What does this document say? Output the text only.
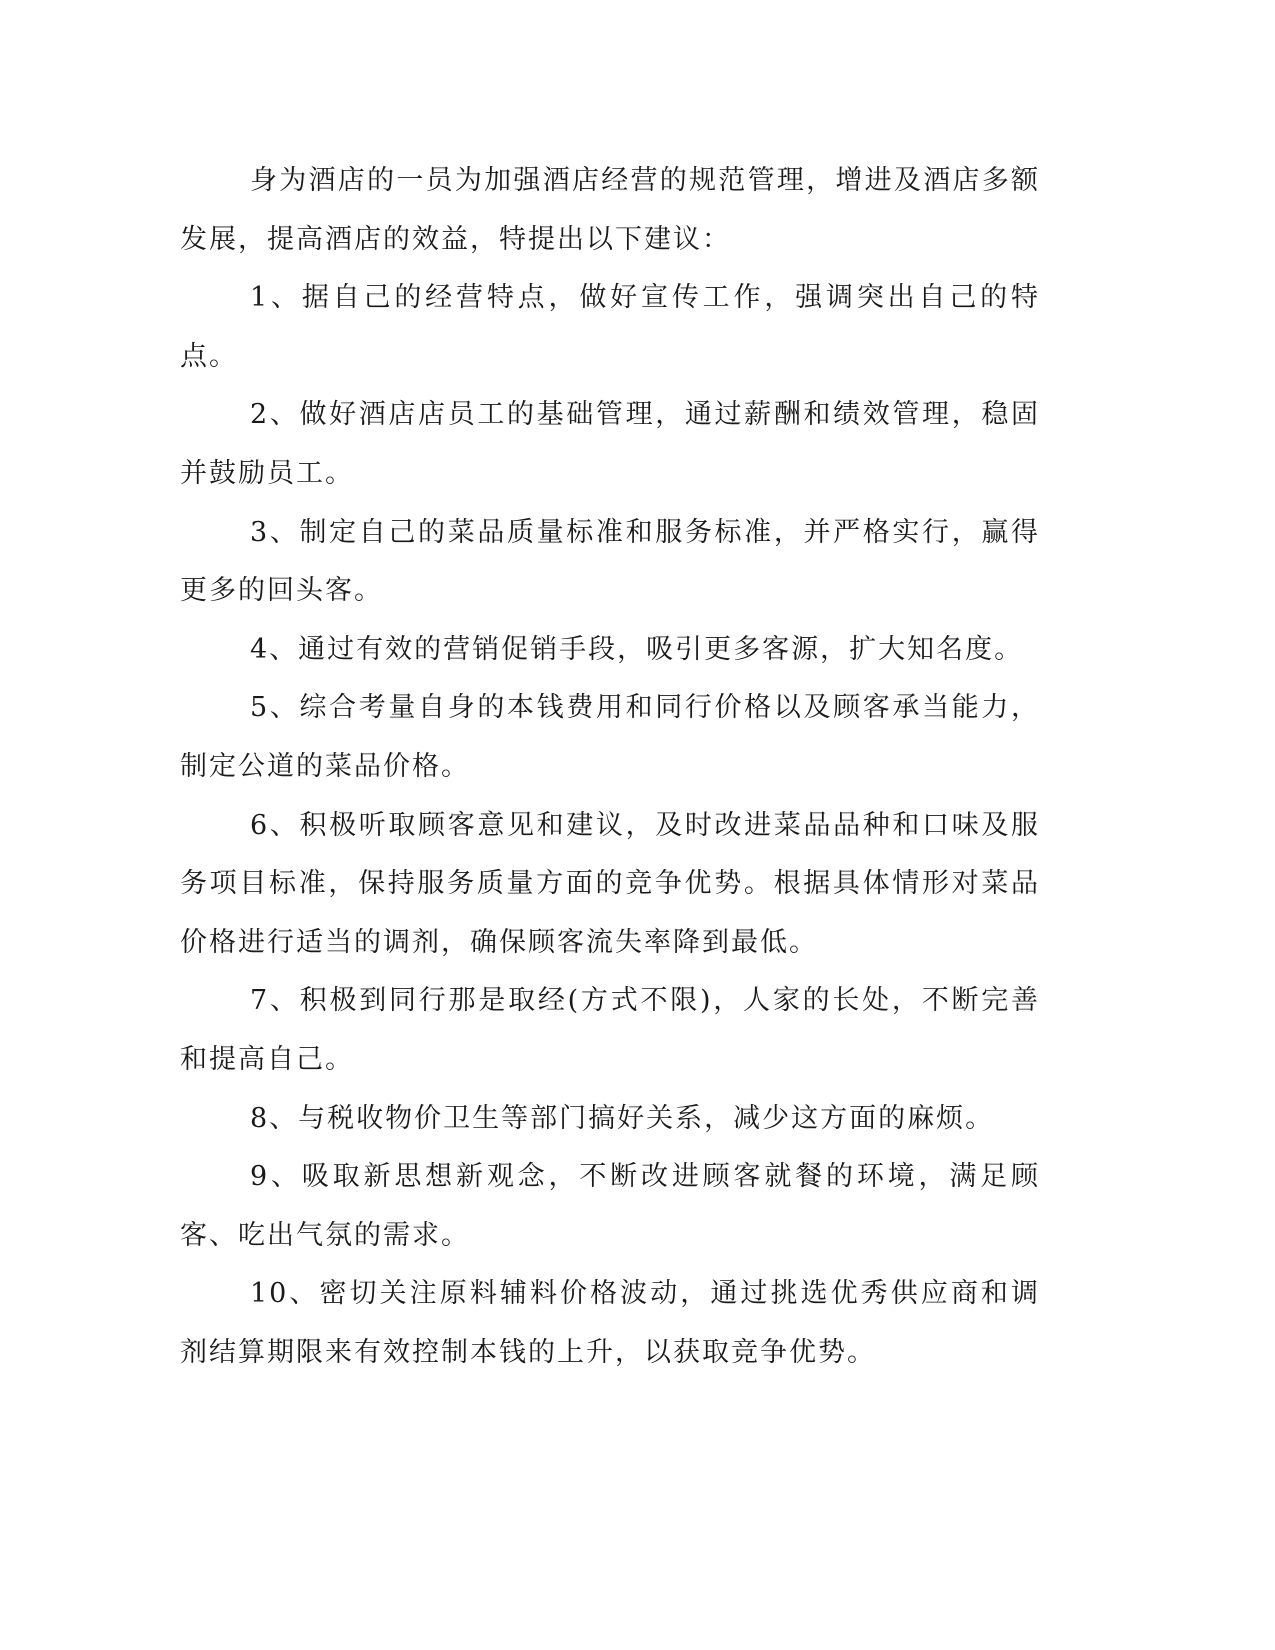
身为酒店的一员为加强酒店经营的规范管理，增进及酒店多额发展，提高酒店的效益，特提出以下建议：

1、据自己的经营特点，做好宣传工作，强调突出自己的特点。

2、做好酒店店员工的基础管理，通过薪酬和绩效管理，稳固并鼓励员工。

3、制定自己的菜品质量标准和服务标准，并严格实行，赢得更多的回头客。

4、通过有效的营销促销手段，吸引更多客源，扩大知名度。

5、综合考量自身的本钱费用和同行价格以及顾客承当能力，制定公道的菜品价格。

6、积极听取顾客意见和建议，及时改进菜品品种和口味及服务项目标准，保持服务质量方面的竞争优势。根据具体情形对菜品价格进行适当的调剂，确保顾客流失率降到最低。

7、积极到同行那是取经(方式不限)，人家的长处，不断完善和提高自己。

8、与税收物价卫生等部门搞好关系，减少这方面的麻烦。

9、吸取新思想新观念，不断改进顾客就餐的环境，满足顾客、吃出气氛的需求。

10、密切关注原料辅料价格波动，通过挑选优秀供应商和调剂结算期限来有效控制本钱的上升，以获取竞争优势。
